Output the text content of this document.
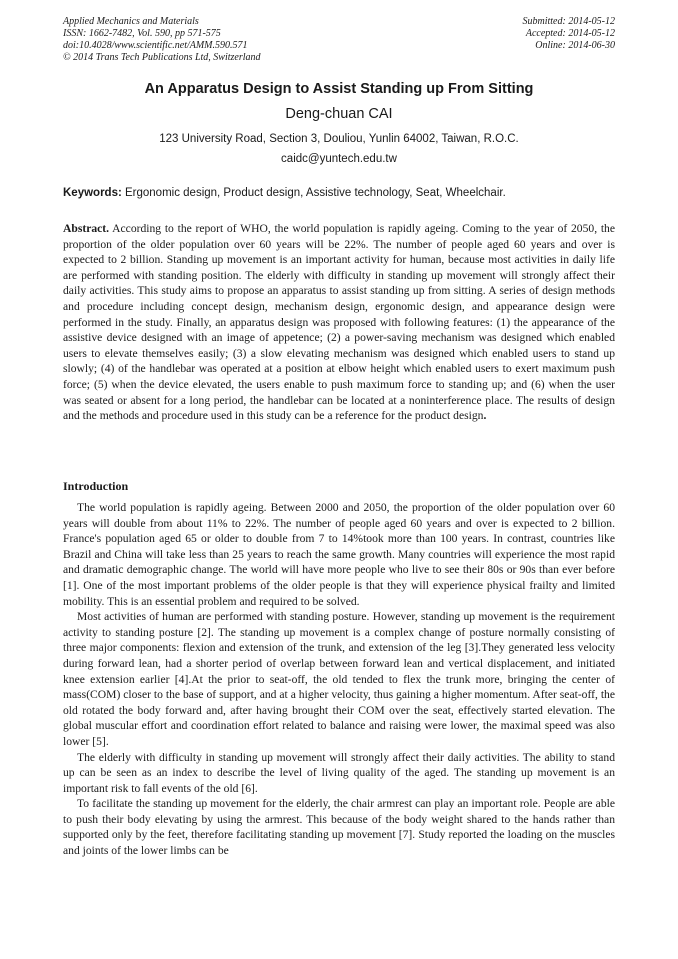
Applied Mechanics and Materials
ISSN: 1662-7482, Vol. 590, pp 571-575
doi:10.4028/www.scientific.net/AMM.590.571
© 2014 Trans Tech Publications Ltd, Switzerland
Submitted: 2014-05-12
Accepted: 2014-05-12
Online: 2014-06-30
An Apparatus Design to Assist Standing up From Sitting
Deng-chuan CAI
123 University Road, Section 3, Douliou, Yunlin 64002, Taiwan, R.O.C.
caidc@yuntech.edu.tw
Keywords: Ergonomic design, Product design, Assistive technology, Seat, Wheelchair.
Abstract. According to the report of WHO, the world population is rapidly ageing. Coming to the year of 2050, the proportion of the older population over 60 years will be 22%. The number of people aged 60 years and over is expected to 2 billion. Standing up movement is an important activity for human, because most activities in daily life are performed with standing position. The elderly with difficulty in standing up movement will strongly affect their daily activities. This study aims to propose an apparatus to assist standing up from sitting. A series of design methods and procedure including concept design, mechanism design, ergonomic design, and appearance design were performed in the study. Finally, an apparatus design was proposed with following features: (1) the appearance of the assistive device designed with an image of appetence; (2) a power-saving mechanism was designed which enabled users to elevate themselves easily; (3) a slow elevating mechanism was designed which enabled users to stand up slowly; (4) of the handlebar was operated at a position at elbow height which enabled users to exert maximum push force; (5) when the device elevated, the users enable to push maximum force to standing up; and (6) when the user was seated or absent for a long period, the handlebar can be located at a noninterference place. The results of design and the methods and procedure used in this study can be a reference for the product design.
Introduction

The world population is rapidly ageing. Between 2000 and 2050, the proportion of the older population over 60 years will double from about 11% to 22%. The number of people aged 60 years and over is expected to 2 billion. France's population aged 65 or older to double from 7 to 14%took more than 100 years. In contrast, countries like Brazil and China will take less than 25 years to reach the same growth. Many countries will experience the most rapid and dramatic demographic change. The world will have more people who live to see their 80s or 90s than ever before [1]. One of the most important problems of the older people is that they will experience physical frailty and limited mobility. This is an essential problem and required to be solved.

Most activities of human are performed with standing posture. However, standing up movement is the requirement activity to standing posture [2]. The standing up movement is a complex change of posture normally consisting of three major components: flexion and extension of the trunk, and extension of the leg [3].They generated less velocity during forward lean, had a shorter period of overlap between forward lean and vertical displacement, and initiated knee extension earlier [4].At the prior to seat-off, the old tended to flex the trunk more, bringing the center of mass(COM) closer to the base of support, and at a higher velocity, thus gaining a higher momentum. After seat-off, the old rotated the body forward and, after having brought their COM over the seat, effectively started elevation. The global muscular effort and coordination effort related to balance and raising were lower, the maximal speed was also lower [5].

The elderly with difficulty in standing up movement will strongly affect their daily activities. The ability to stand up can be seen as an index to describe the level of living quality of the aged. The standing up movement is an important risk to fall events of the old [6].

To facilitate the standing up movement for the elderly, the chair armrest can play an important role. People are able to push their body elevating by using the armrest. This because of the body weight shared to the hands rather than supported only by the feet, therefore facilitating standing up movement [7]. Study reported the loading on the muscles and joints of the lower limbs can be
